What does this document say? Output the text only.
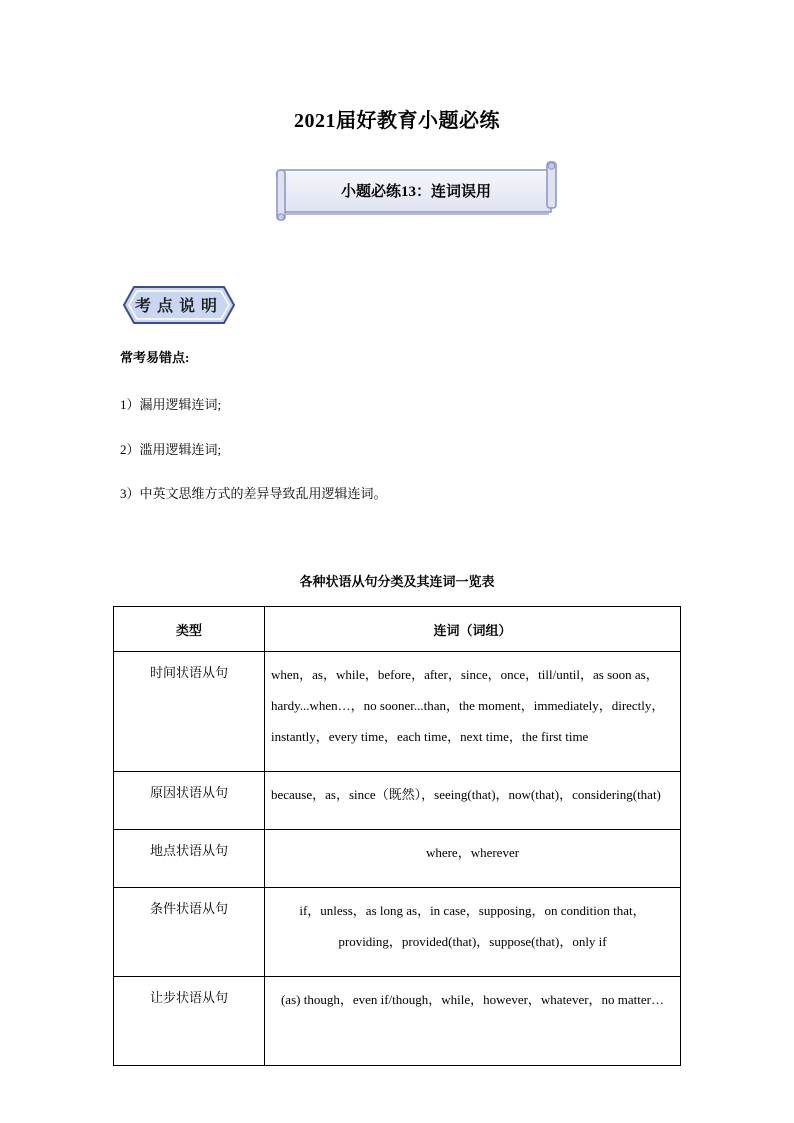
2021届好教育小题必练
小题必练13：连词误用
考点说明
常考易错点:
1）漏用逻辑连词;
2）滥用逻辑连词;
3）中英文思维方式的差异导致乱用逻辑连词。
各种状语从句分类及其连词一览表
类型	连词（词组）
时间状语从句	when，as，while，before，after，since，once，till/until，as soon as，hardy...when…，no sooner...than，the moment，immediately，directly，instantly，every time，each time，next time，the first time
原因状语从句	because，as，since（既然），seeing(that)，now(that)，considering(that)
地点状语从句	where，wherever
条件状语从句	if，unless，as long as，in case，supposing，on condition that，providing，provided(that)，suppose(that)，only if
让步状语从句	(as) though，even if/though，while，however，whatever，no matter…
